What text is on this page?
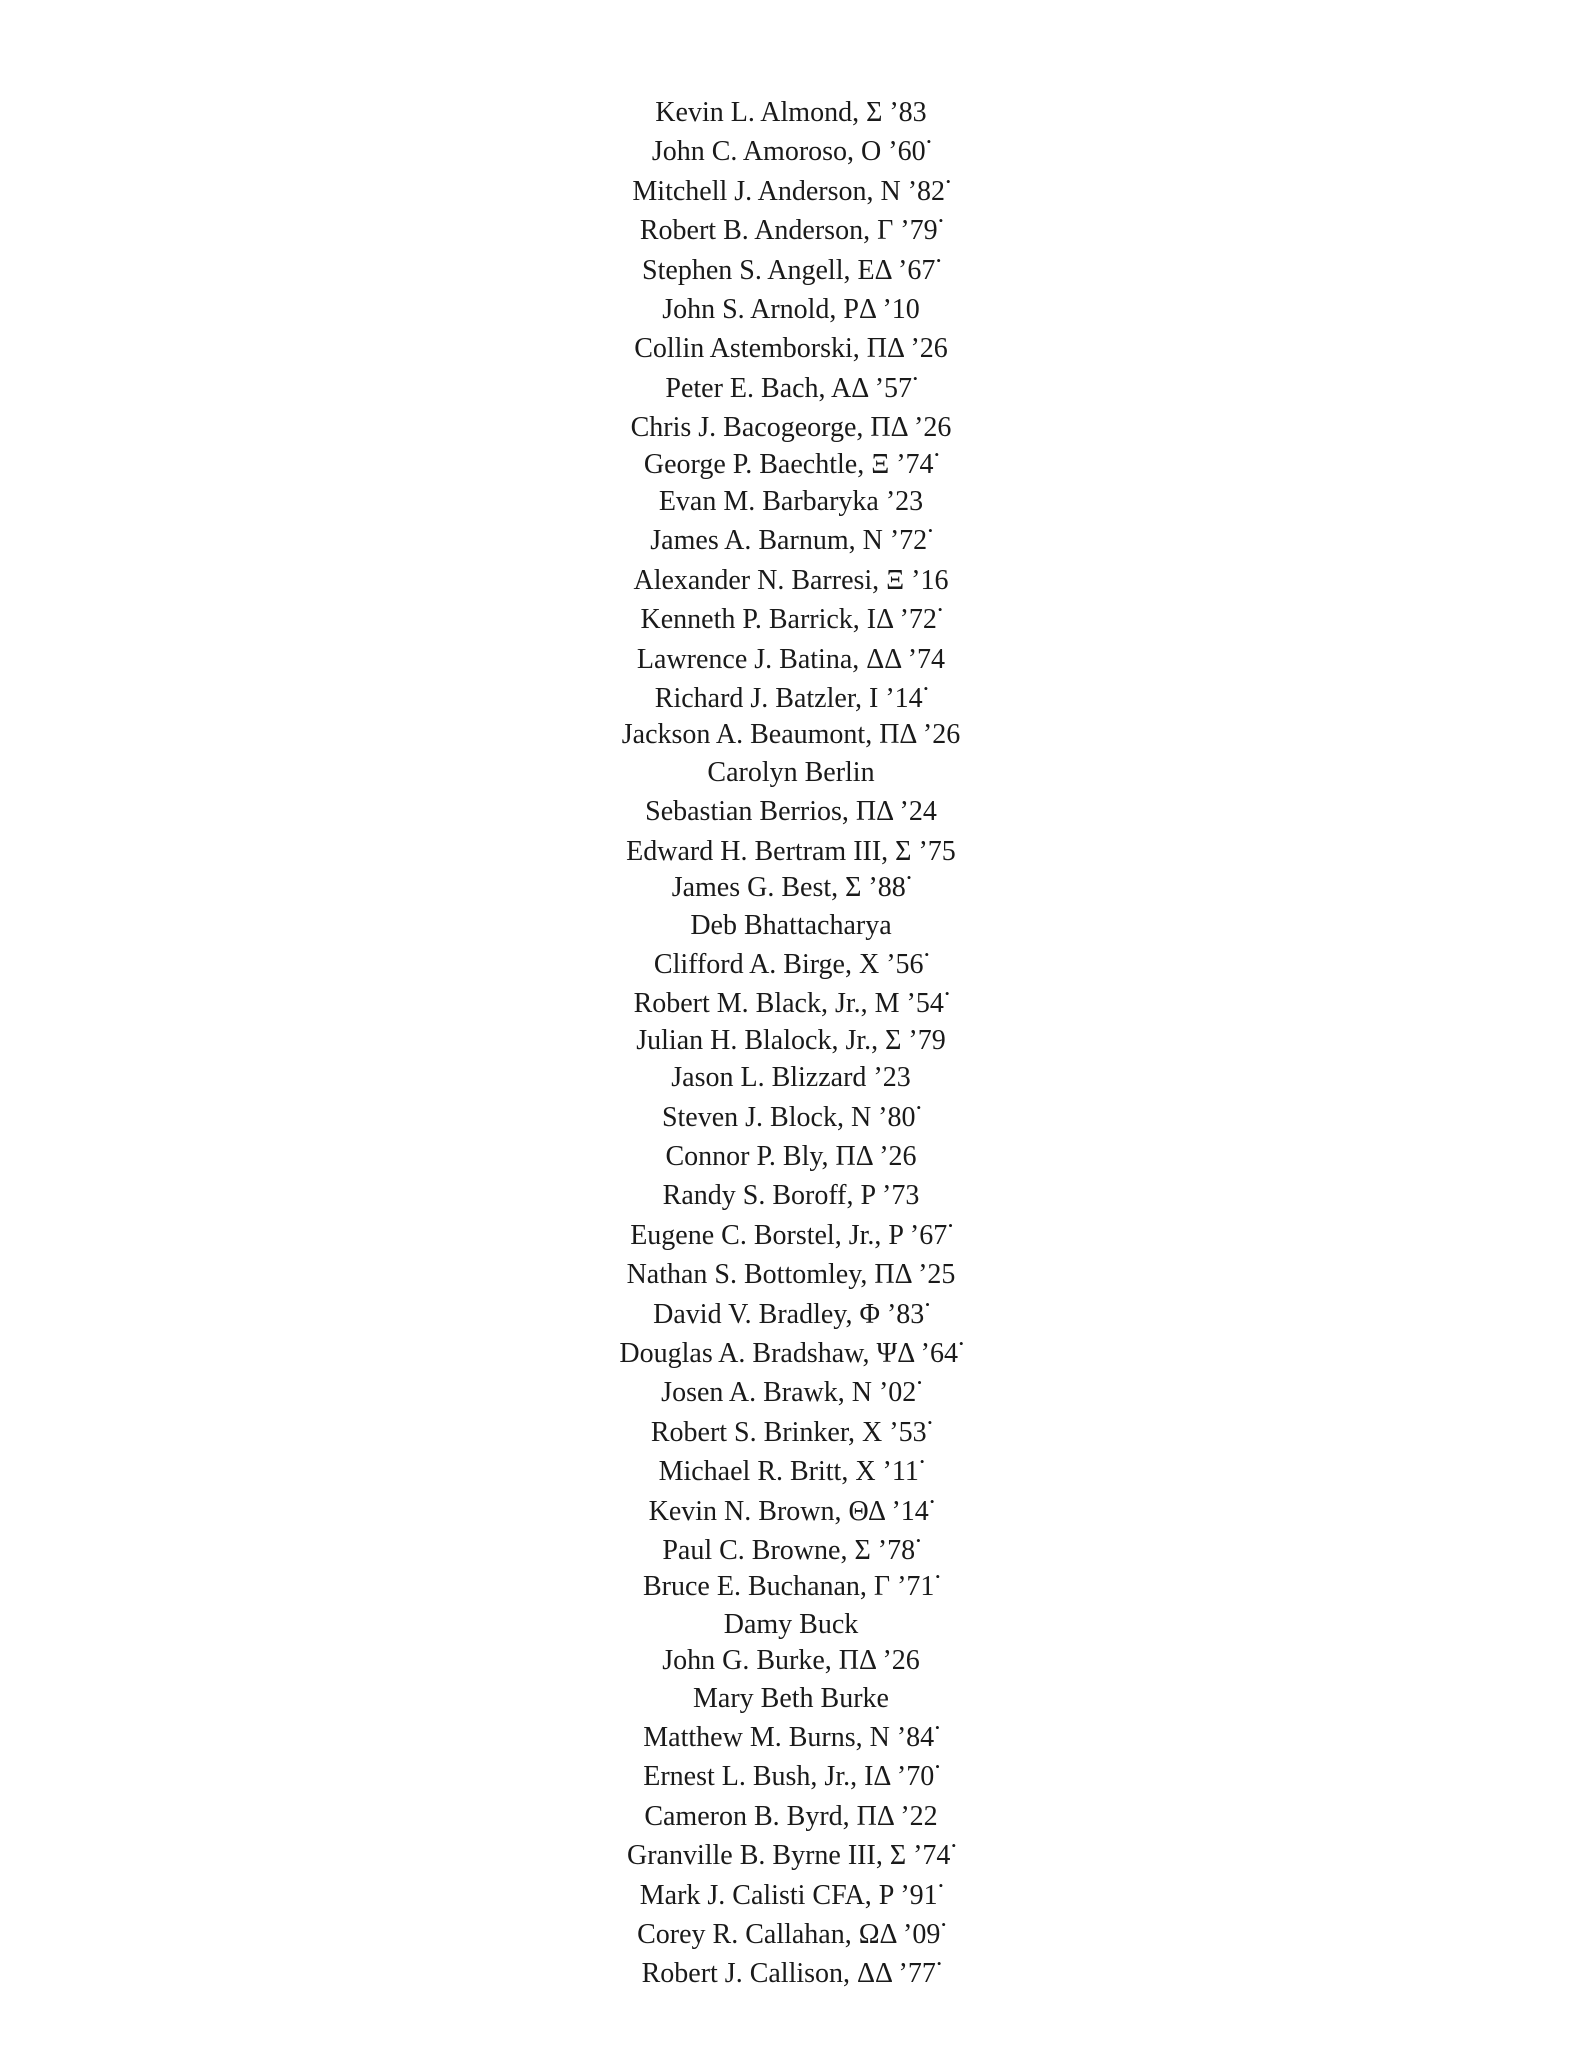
Kevin L. Almond, Σ ’83
John C. Amoroso, O ’60•
Mitchell J. Anderson, N ’82•
Robert B. Anderson, Γ ’79•
Stephen S. Angell, EΔ ’67•
John S. Arnold, PΔ ’10
Collin Astemborski, ΠΔ ’26
Peter E. Bach, AΔ ’57•
Chris J. Bacogeorge, ΠΔ ’26
George P. Baechtle, Ξ ’74•
Evan M. Barbaryka ’23
James A. Barnum, N ’72•
Alexander N. Barresi, Ξ ’16
Kenneth P. Barrick, IΔ ’72•
Lawrence J. Batina, ΔΔ ’74
Richard J. Batzler, I ’14•
Jackson A. Beaumont, ΠΔ ’26
Carolyn Berlin
Sebastian Berrios, ΠΔ ’24
Edward H. Bertram III, Σ ’75
James G. Best, Σ ’88•
Deb Bhattacharya
Clifford A. Birge, X ’56•
Robert M. Black, Jr., M ’54•
Julian H. Blalock, Jr., Σ ’79
Jason L. Blizzard ’23
Steven J. Block, N ’80•
Connor P. Bly, ΠΔ ’26
Randy S. Boroff, P ’73
Eugene C. Borstel, Jr., P ’67•
Nathan S. Bottomley, ΠΔ ’25
David V. Bradley, Φ ’83•
Douglas A. Bradshaw, ΨΔ ’64•
Josen A. Brawk, N ’02•
Robert S. Brinker, X ’53•
Michael R. Britt, X ’11•
Kevin N. Brown, ΘΔ ’14•
Paul C. Browne, Σ ’78•
Bruce E. Buchanan, Γ ’71•
Damy Buck
John G. Burke, ΠΔ ’26
Mary Beth Burke
Matthew M. Burns, N ’84•
Ernest L. Bush, Jr., IΔ ’70•
Cameron B. Byrd, ΠΔ ’22
Granville B. Byrne III, Σ ’74•
Mark J. Calisti CFA, P ’91•
Corey R. Callahan, ΩΔ ’09•
Robert J. Callison, ΔΔ ’77•
